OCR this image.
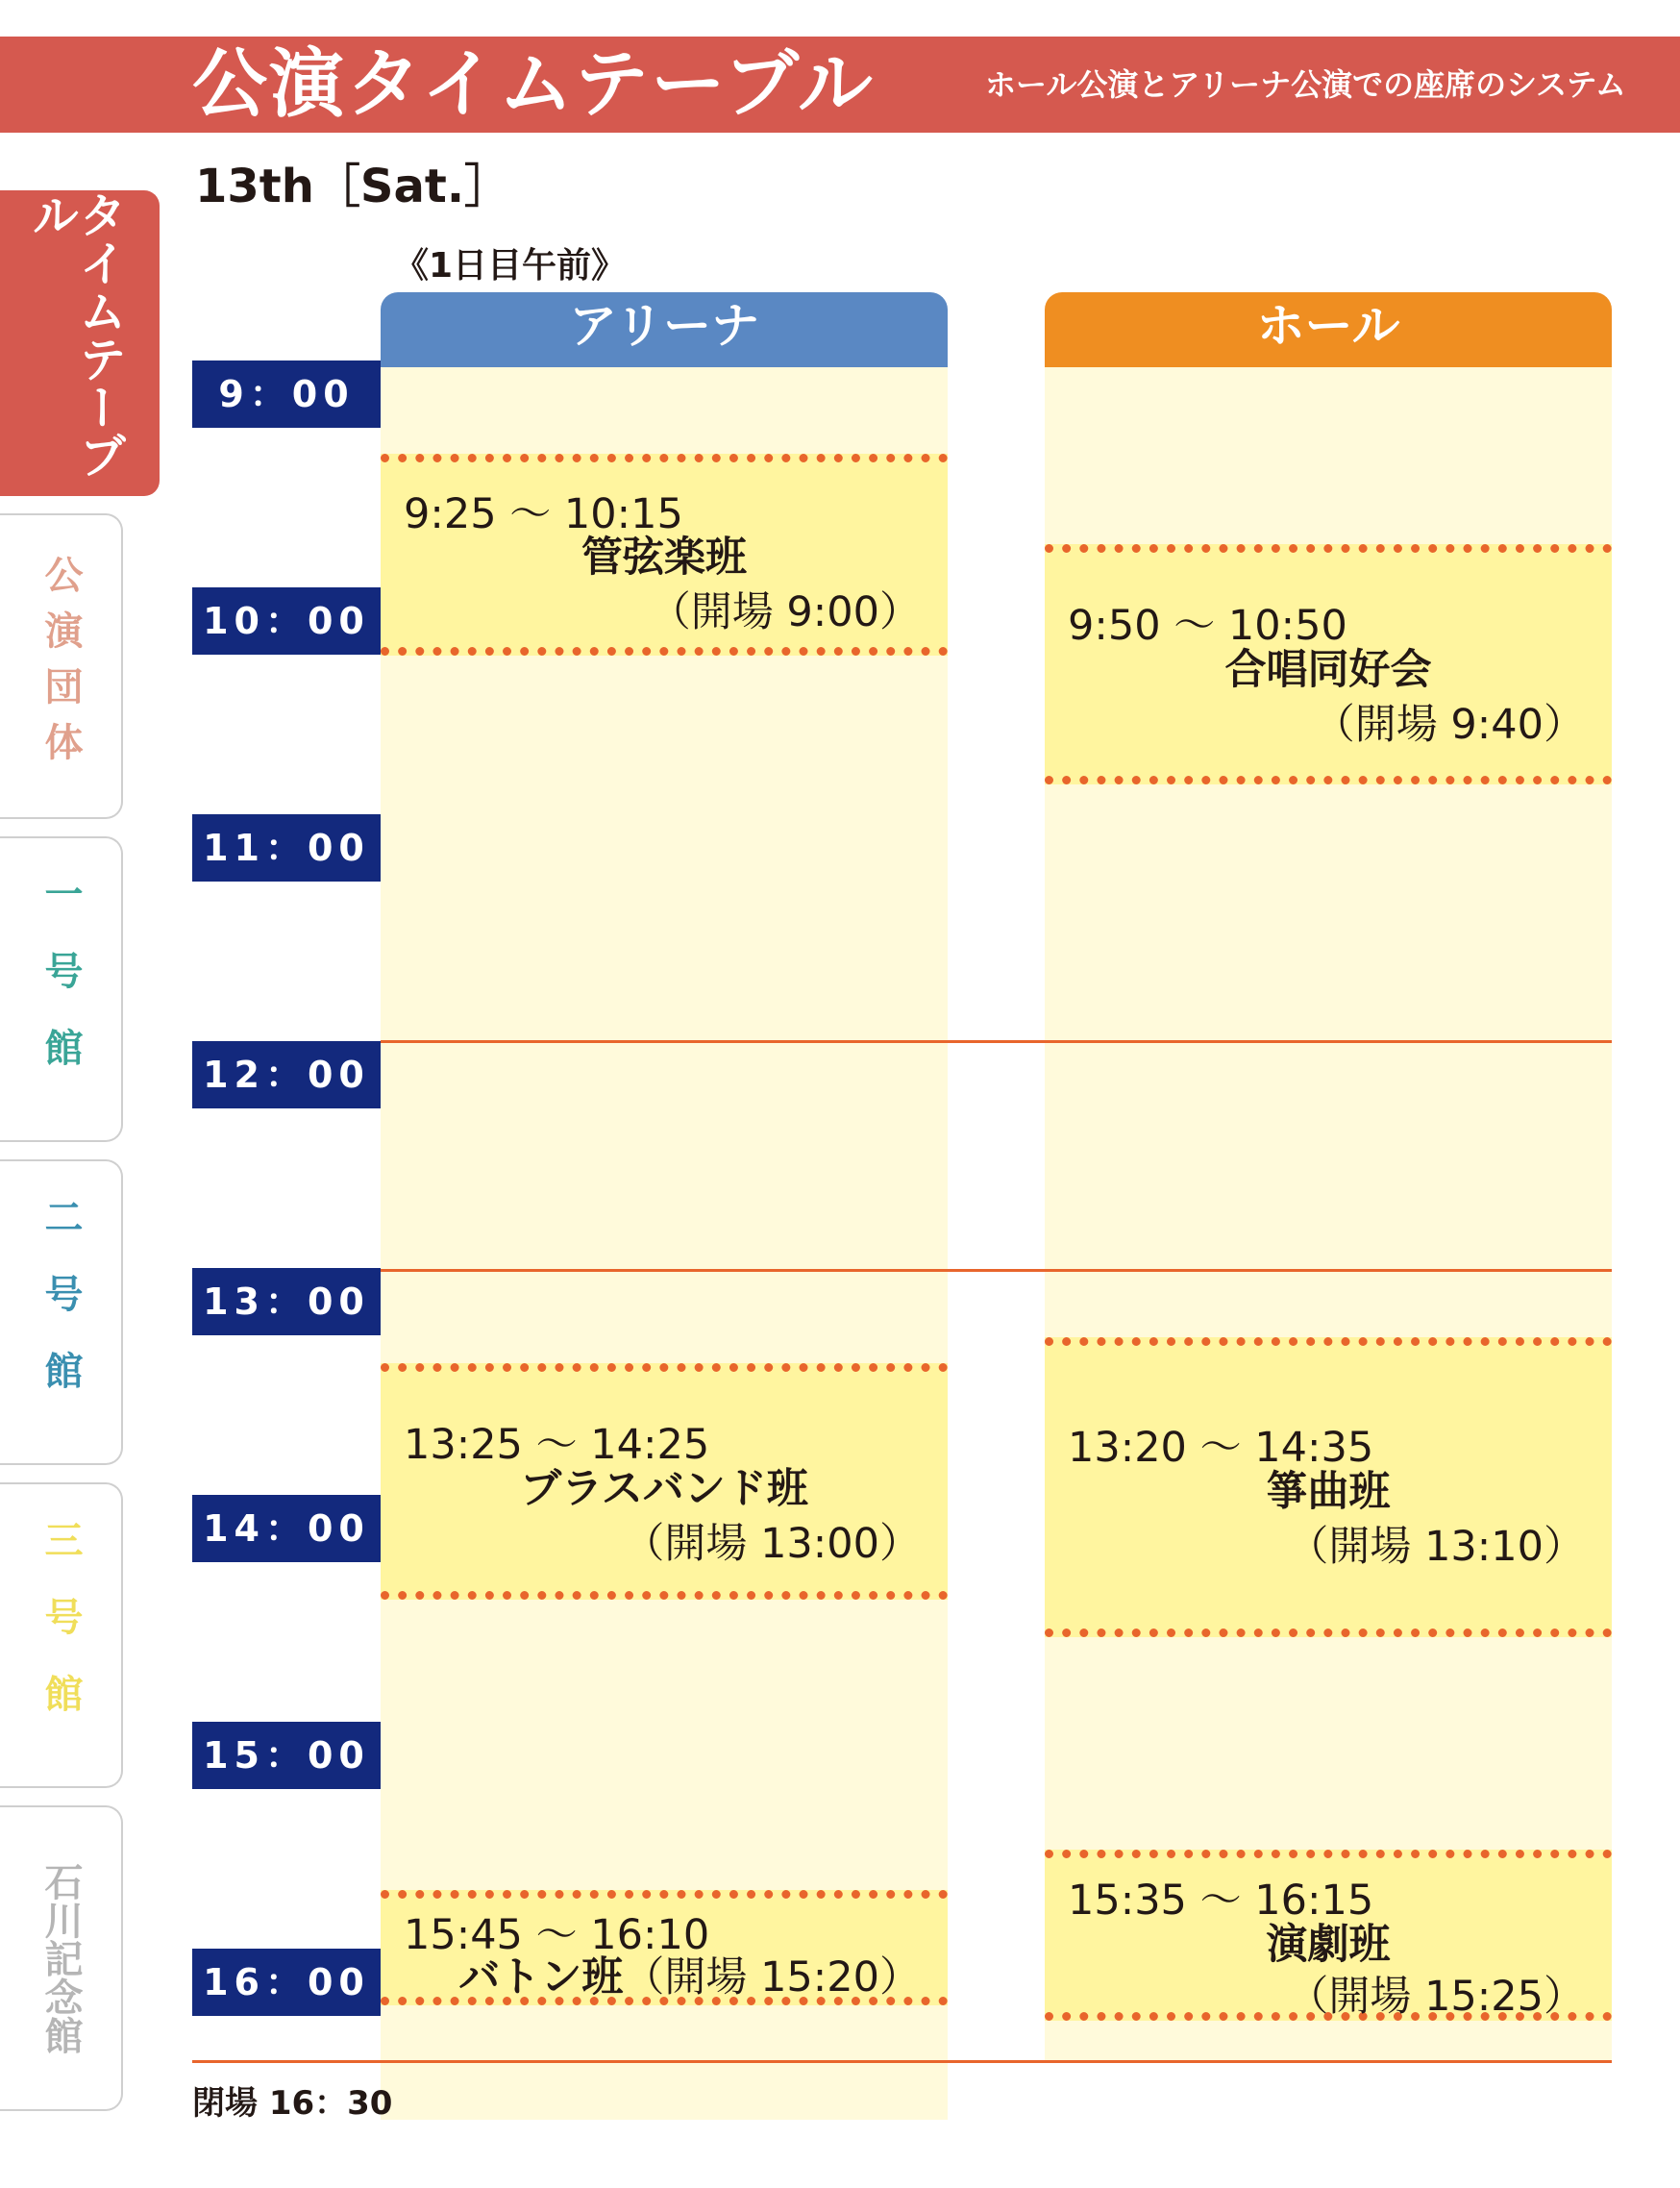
公演タイムテーブル	ホール公演とアリーナ公演での座席のシステム
13th［Sat.］
タイムテーブル
公演団体
一号館
二号館
三号館
石川記念館
《1日目午前》
アリーナ	ホール
9：00
10：00
11：00
12：00
13：00
14：00
15：00
16：00
9:25 ～ 10:15
管弦楽班
（開場 9:00）
13:25 ～ 14:25
ブラスバンド班
（開場 13:00）
15:45 ～ 16:10
バトン班（開場 15:20）
9:50 ～ 10:50
合唱同好会
（開場 9:40）
13:20 ～ 14:35
箏曲班
（開場 13:10）
15:35 ～ 16:15
演劇班
（開場 15:25）
閉場 16：30
